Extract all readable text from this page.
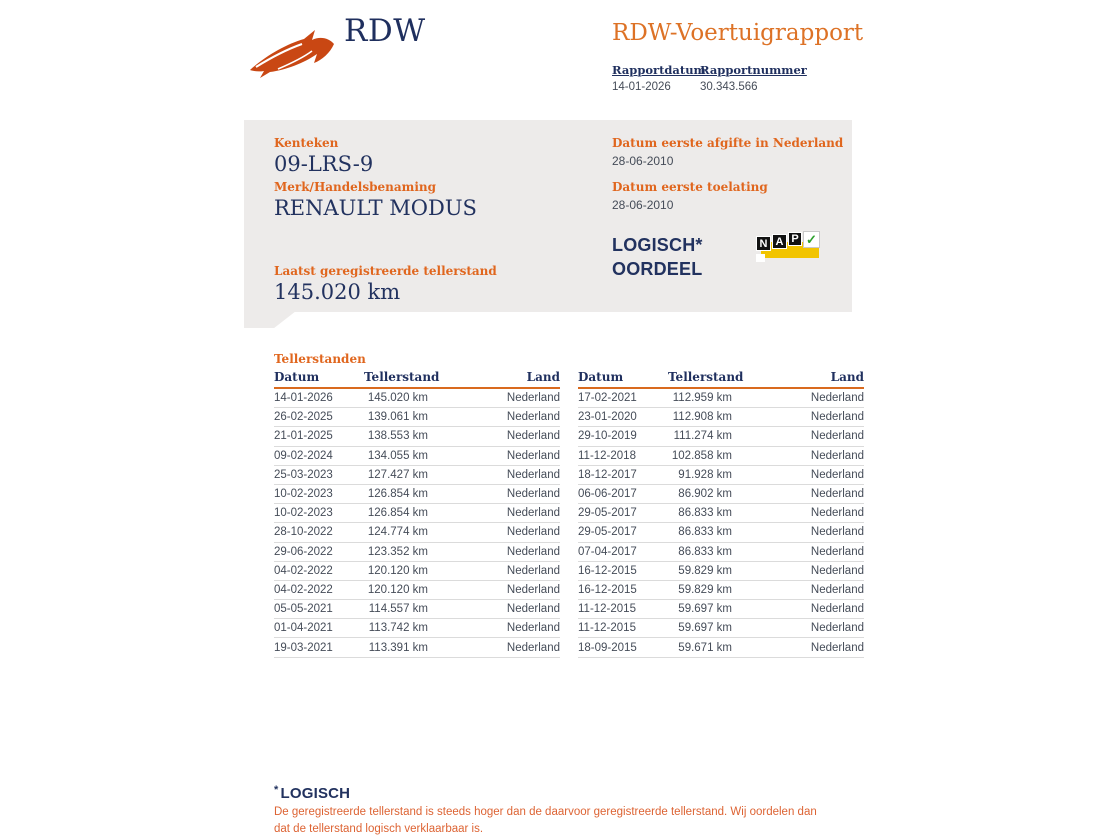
RDW	RDW-Voertuigrapport
Rapportdatum
14-01-2026
Rapportnummer
30.343.566
Kenteken
09-LRS-9
Merk/Handelsbenaming
RENAULT MODUS
Laatst geregistreerde tellerstand
145.020 km
Datum eerste afgifte in Nederland
28-06-2010
Datum eerste toelating
28-06-2010
LOGISCH*
OORDEEL
N A P ✓
Tellerstanden
Datum	Tellerstand	Land
14-01-2026	145.020 km	Nederland
26-02-2025	139.061 km	Nederland
21-01-2025	138.553 km	Nederland
09-02-2024	134.055 km	Nederland
25-03-2023	127.427 km	Nederland
10-02-2023	126.854 km	Nederland
10-02-2023	126.854 km	Nederland
28-10-2022	124.774 km	Nederland
29-06-2022	123.352 km	Nederland
04-02-2022	120.120 km	Nederland
04-02-2022	120.120 km	Nederland
05-05-2021	114.557 km	Nederland
01-04-2021	113.742 km	Nederland
19-03-2021	113.391 km	Nederland
Datum	Tellerstand	Land
17-02-2021	112.959 km	Nederland
23-01-2020	112.908 km	Nederland
29-10-2019	111.274 km	Nederland
11-12-2018	102.858 km	Nederland
18-12-2017	91.928 km	Nederland
06-06-2017	86.902 km	Nederland
29-05-2017	86.833 km	Nederland
29-05-2017	86.833 km	Nederland
07-04-2017	86.833 km	Nederland
16-12-2015	59.829 km	Nederland
16-12-2015	59.829 km	Nederland
11-12-2015	59.697 km	Nederland
11-12-2015	59.697 km	Nederland
18-09-2015	59.671 km	Nederland
* LOGISCH

De geregistreerde tellerstand is steeds hoger dan de daarvoor geregistreerde tellerstand. Wij oordelen dan dat de tellerstand logisch verklaarbaar is.
